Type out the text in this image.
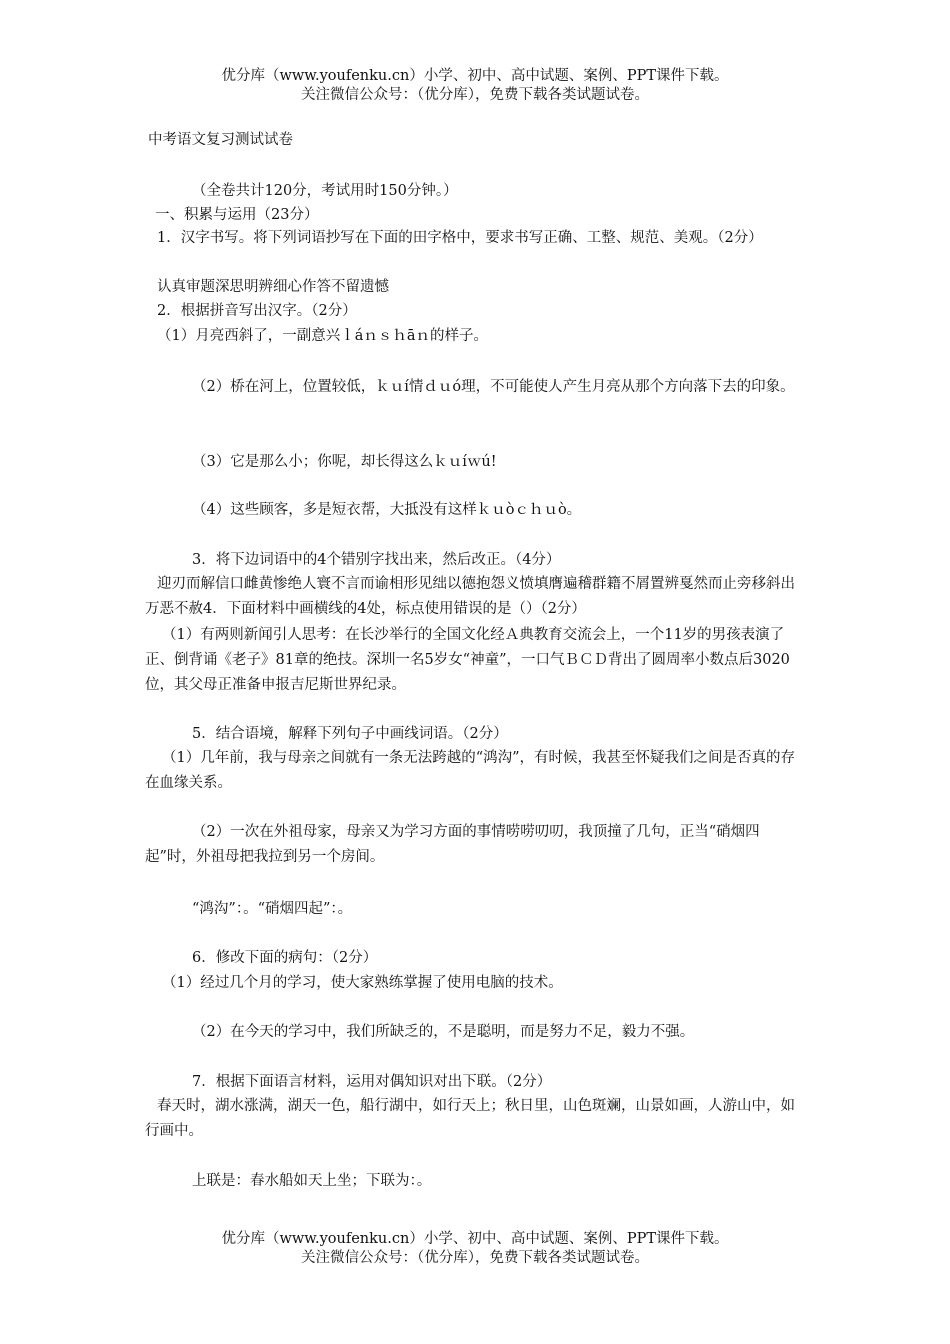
优分库（www.youfenku.cn）小学、初中、高中试题、案例、PPT课件下载。
关注微信公众号：（优分库），免费下载各类试题试卷。
中考语文复习测试试卷
（全卷共计120分，考试用时150分钟。）
一、积累与运用（23分）
1．汉字书写。将下列词语抄写在下面的田字格中，要求书写正确、工整、规范、美观。（2分）
认真审题深思明辨细心作答不留遗憾
2．根据拼音写出汉字。（2分）
（1）月亮西斜了，一副意兴ｌáｎｓｈāｎ的样子。
（2）桥在河上，位置较低，ｋｕí情ｄｕó理，不可能使人产生月亮从那个方向落下去的印象。
（3）它是那么小；你呢，却长得这么ｋｕíｗú!
（4）这些顾客，多是短衣帮，大抵没有这样ｋｕòｃｈｕò。
3．将下边词语中的4个错别字找出来，然后改正。（4分）
迎刃而解信口雌黄惨绝人寰不言而谕相形见绌以德抱怨义愤填膺遍稽群籍不屑置辨戛然而止旁移斜出万恶不赦4．下面材料中画横线的4处，标点使用错误的是（）（2分）
（1）有两则新闻引人思考：在长沙举行的全国文化经Ａ典教育交流会上，一个11岁的男孩表演了正、倒背诵《老子》81章的绝技。深圳一名5岁女“神童”，一口气ＢＣＤ背出了圆周率小数点后3020位，其父母正准备申报吉尼斯世界纪录。
5．结合语境，解释下列句子中画线词语。（2分）
（1）几年前，我与母亲之间就有一条无法跨越的“鸿沟”，有时候，我甚至怀疑我们之间是否真的存在血缘关系。
（2）一次在外祖母家，母亲又为学习方面的事情唠唠叨叨，我顶撞了几句，正当“硝烟四起”时，外祖母把我拉到另一个房间。
“鸿沟”：。“硝烟四起”：。
6．修改下面的病句：（2分）
（1）经过几个月的学习，使大家熟练掌握了使用电脑的技术。
（2）在今天的学习中，我们所缺乏的，不是聪明，而是努力不足，毅力不强。
7．根据下面语言材料，运用对偶知识对出下联。（2分）
春天时，湖水涨满，湖天一色，船行湖中，如行天上；秋日里，山色斑斓，山景如画，人游山中，如行画中。
上联是：春水船如天上坐；下联为：。
优分库（www.youfenku.cn）小学、初中、高中试题、案例、PPT课件下载。
关注微信公众号：（优分库），免费下载各类试题试卷。
